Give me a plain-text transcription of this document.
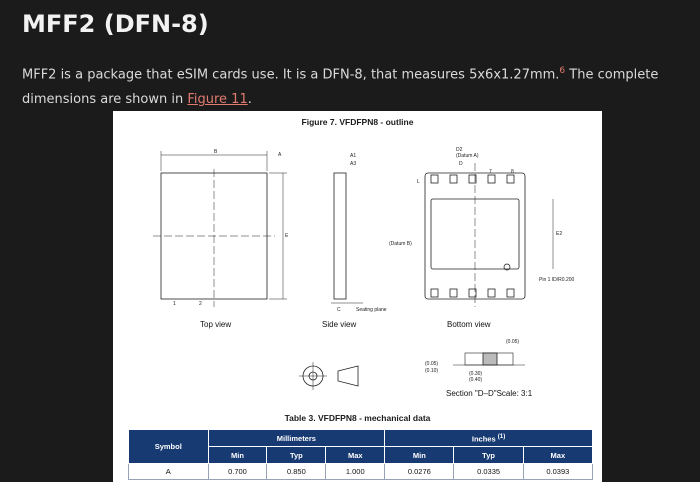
MFF2 (DFN-8)

MFF2 is a package that eSIM cards use. It is a DFN-8, that measures 5x6x1.27mm.$^6$ The complete dimensions are shown in Figure 11.

Figure 7. VFDFPN8 - outline
B	A
E
1	2
A1
A3
Seating plane
C
(Datum B)
D2
(Datum A)
D
7	8
L
E2
Pin 1 ID/R0.200
(0.05)
(0.05)
(0.10)	(0.30)
(0.40)
Top view	Side view	Bottom view
Section "D–D"Scale: 3:1
Table 3. VFDFPN8 - mechanical data
Symbol	Millimeters			Inches $^{(1)}$
	Min	Typ	Max	Min	Typ	Max
A	0.700	0.850	1.000	0.0276	0.0335	0.0393
